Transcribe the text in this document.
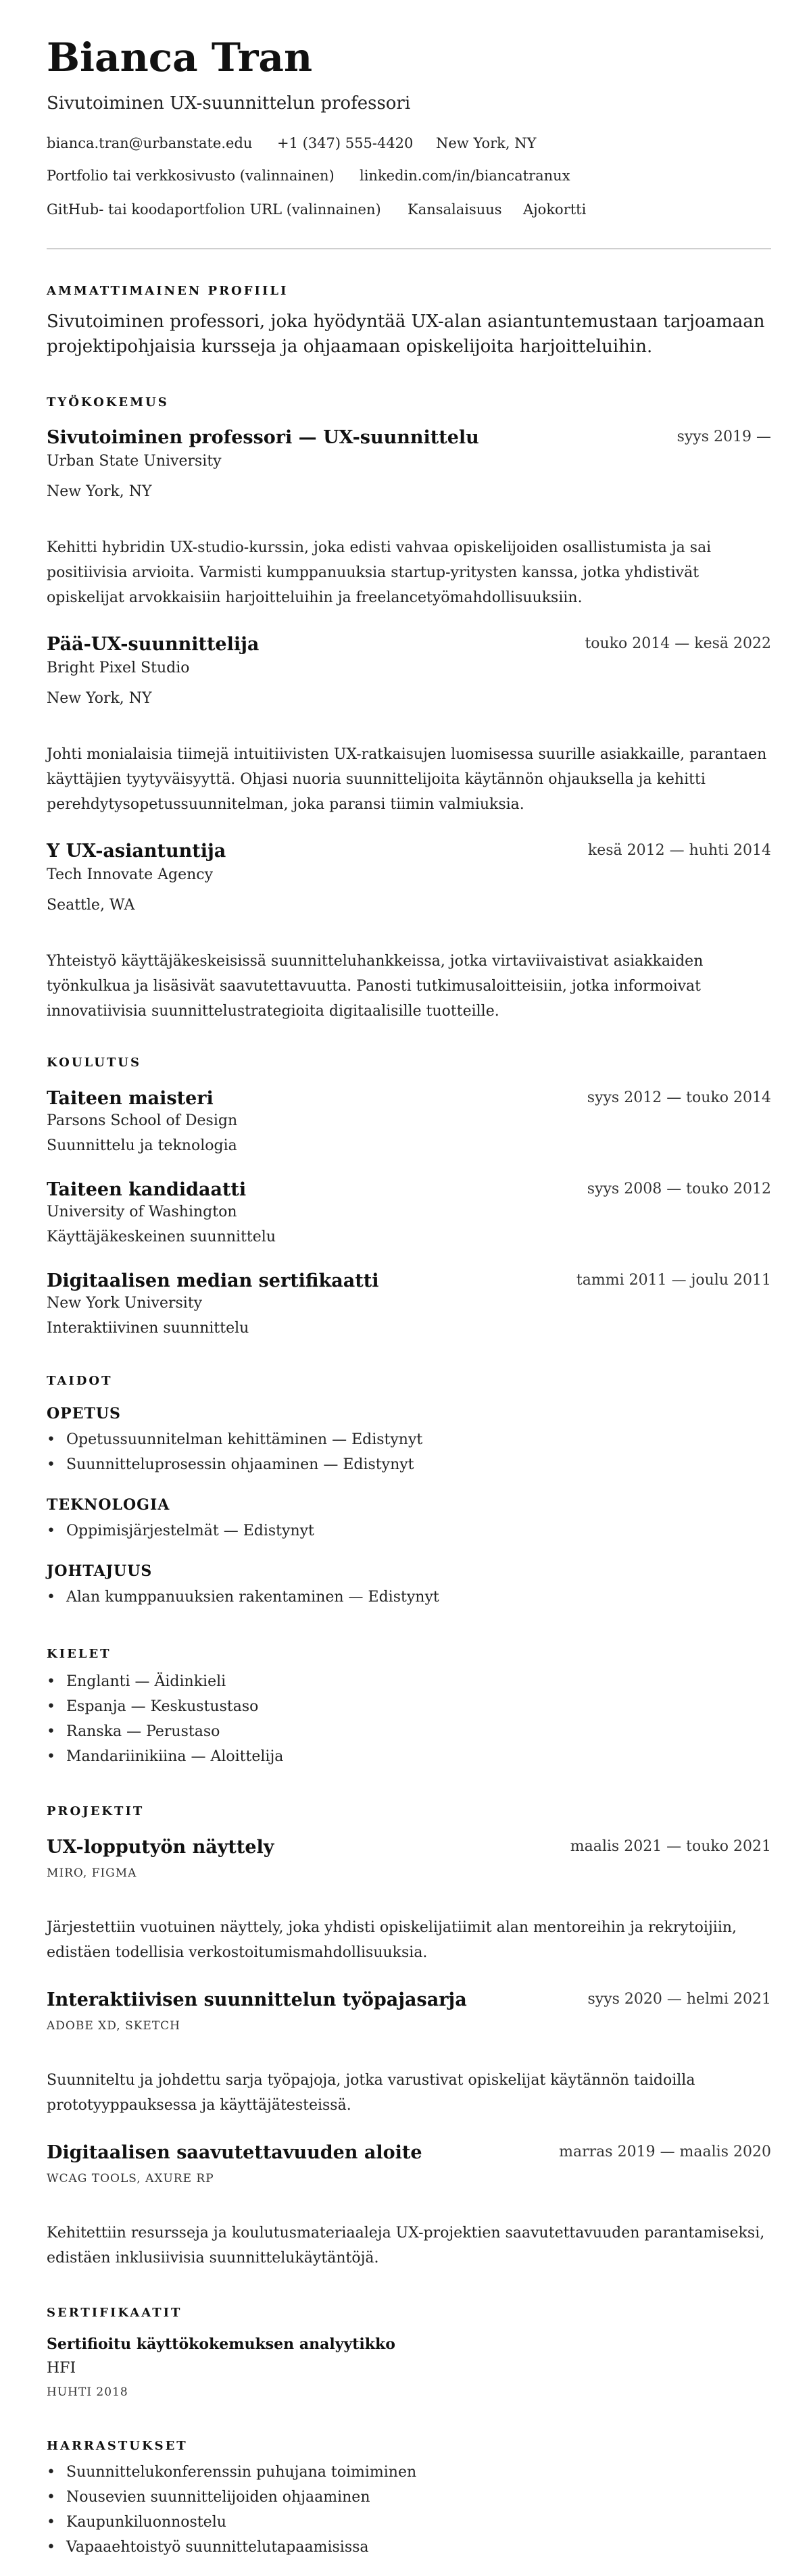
Bianca Tran
Sivutoiminen UX-suunnittelun professori
bianca.tran@urbanstate.edu +1 (347) 555-4420 New York, NY
Portfolio tai verkkosivusto (valinnainen) linkedin.com/in/biancatranux
GitHub- tai koodaportfolion URL (valinnainen) Kansalaisuus Ajokortti
AMMATTIMAINEN PROFIILI
Sivutoiminen professori, joka hyödyntää UX-alan asiantuntemustaan tarjoamaan projektipohjaisia kursseja ja ohjaamaan opiskelijoita harjoitteluihin.
TYÖKOKEMUS
Sivutoiminen professori — UX-suunnittelu	syys 2019 —
Urban State University
New York, NY
Kehitti hybridin UX-studio-kurssin, joka edisti vahvaa opiskelijoiden osallistumista ja sai positiivisia arvioita. Varmisti kumppanuuksia startup-yritysten kanssa, jotka yhdistivät opiskelijat arvokkaisiin harjoitteluihin ja freelancetyömahdollisuuksiin.
Pää-UX-suunnittelija	touko 2014 — kesä 2022
Bright Pixel Studio
New York, NY
Johti monialaisia tiimejä intuitiivisten UX-ratkaisujen luomisessa suurille asiakkaille, parantaen käyttäjien tyytyväisyyttä. Ohjasi nuoria suunnittelijoita käytännön ohjauksella ja kehitti perehdytysopetussuunnitelman, joka paransi tiimin valmiuksia.
Y UX-asiantuntija	kesä 2012 — huhti 2014
Tech Innovate Agency
Seattle, WA
Yhteistyö käyttäjäkeskeisissä suunnitteluhankkeissa, jotka virtaviivaistivat asiakkaiden työnkulkua ja lisäsivät saavutettavuutta. Panosti tutkimusaloitteisiin, jotka informoivat innovatiivisia suunnittelustrategioita digitaalisille tuotteille.
KOULUTUS
Taiteen maisteri	syys 2012 — touko 2014
Parsons School of Design
Suunnittelu ja teknologia
Taiteen kandidaatti	syys 2008 — touko 2012
University of Washington
Käyttäjäkeskeinen suunnittelu
Digitaalisen median sertifikaatti	tammi 2011 — joulu 2011
New York University
Interaktiivinen suunnittelu
TAIDOT
OPETUS
• Opetussuunnitelman kehittäminen — Edistynyt
• Suunnitteluprosessin ohjaaminen — Edistynyt
TEKNOLOGIA
• Oppimisjärjestelmät — Edistynyt
JOHTAJUUS
• Alan kumppanuuksien rakentaminen — Edistynyt
KIELET
• Englanti — Äidinkieli
• Espanja — Keskustustaso
• Ranska — Perustaso
• Mandariinikiina — Aloittelija
PROJEKTIT
UX-lopputyön näyttely	maalis 2021 — touko 2021
MIRO, FIGMA
Järjestettiin vuotuinen näyttely, joka yhdisti opiskelijatiimit alan mentoreihin ja rekrytoijiin, edistäen todellisia verkostoitumismahdollisuuksia.
Interaktiivisen suunnittelun työpajasarja	syys 2020 — helmi 2021
ADOBE XD, SKETCH
Suunniteltu ja johdettu sarja työpajoja, jotka varustivat opiskelijat käytännön taidoilla prototyyppauksessa ja käyttäjätesteissä.
Digitaalisen saavutettavuuden aloite	marras 2019 — maalis 2020
WCAG TOOLS, AXURE RP
Kehitettiin resursseja ja koulutusmateriaaleja UX-projektien saavutettavuuden parantamiseksi, edistäen inklusiivisia suunnittelukäytäntöjä.
SERTIFIKAATIT
Sertifioitu käyttökokemuksen analyytikko
HFI
HUHTI 2018
HARRASTUKSET
• Suunnittelukonferenssin puhujana toimiminen
• Nousevien suunnittelijoiden ohjaaminen
• Kaupunkiluonnostelu
• Vapaaehtoistyö suunnittelutapaamisissa
